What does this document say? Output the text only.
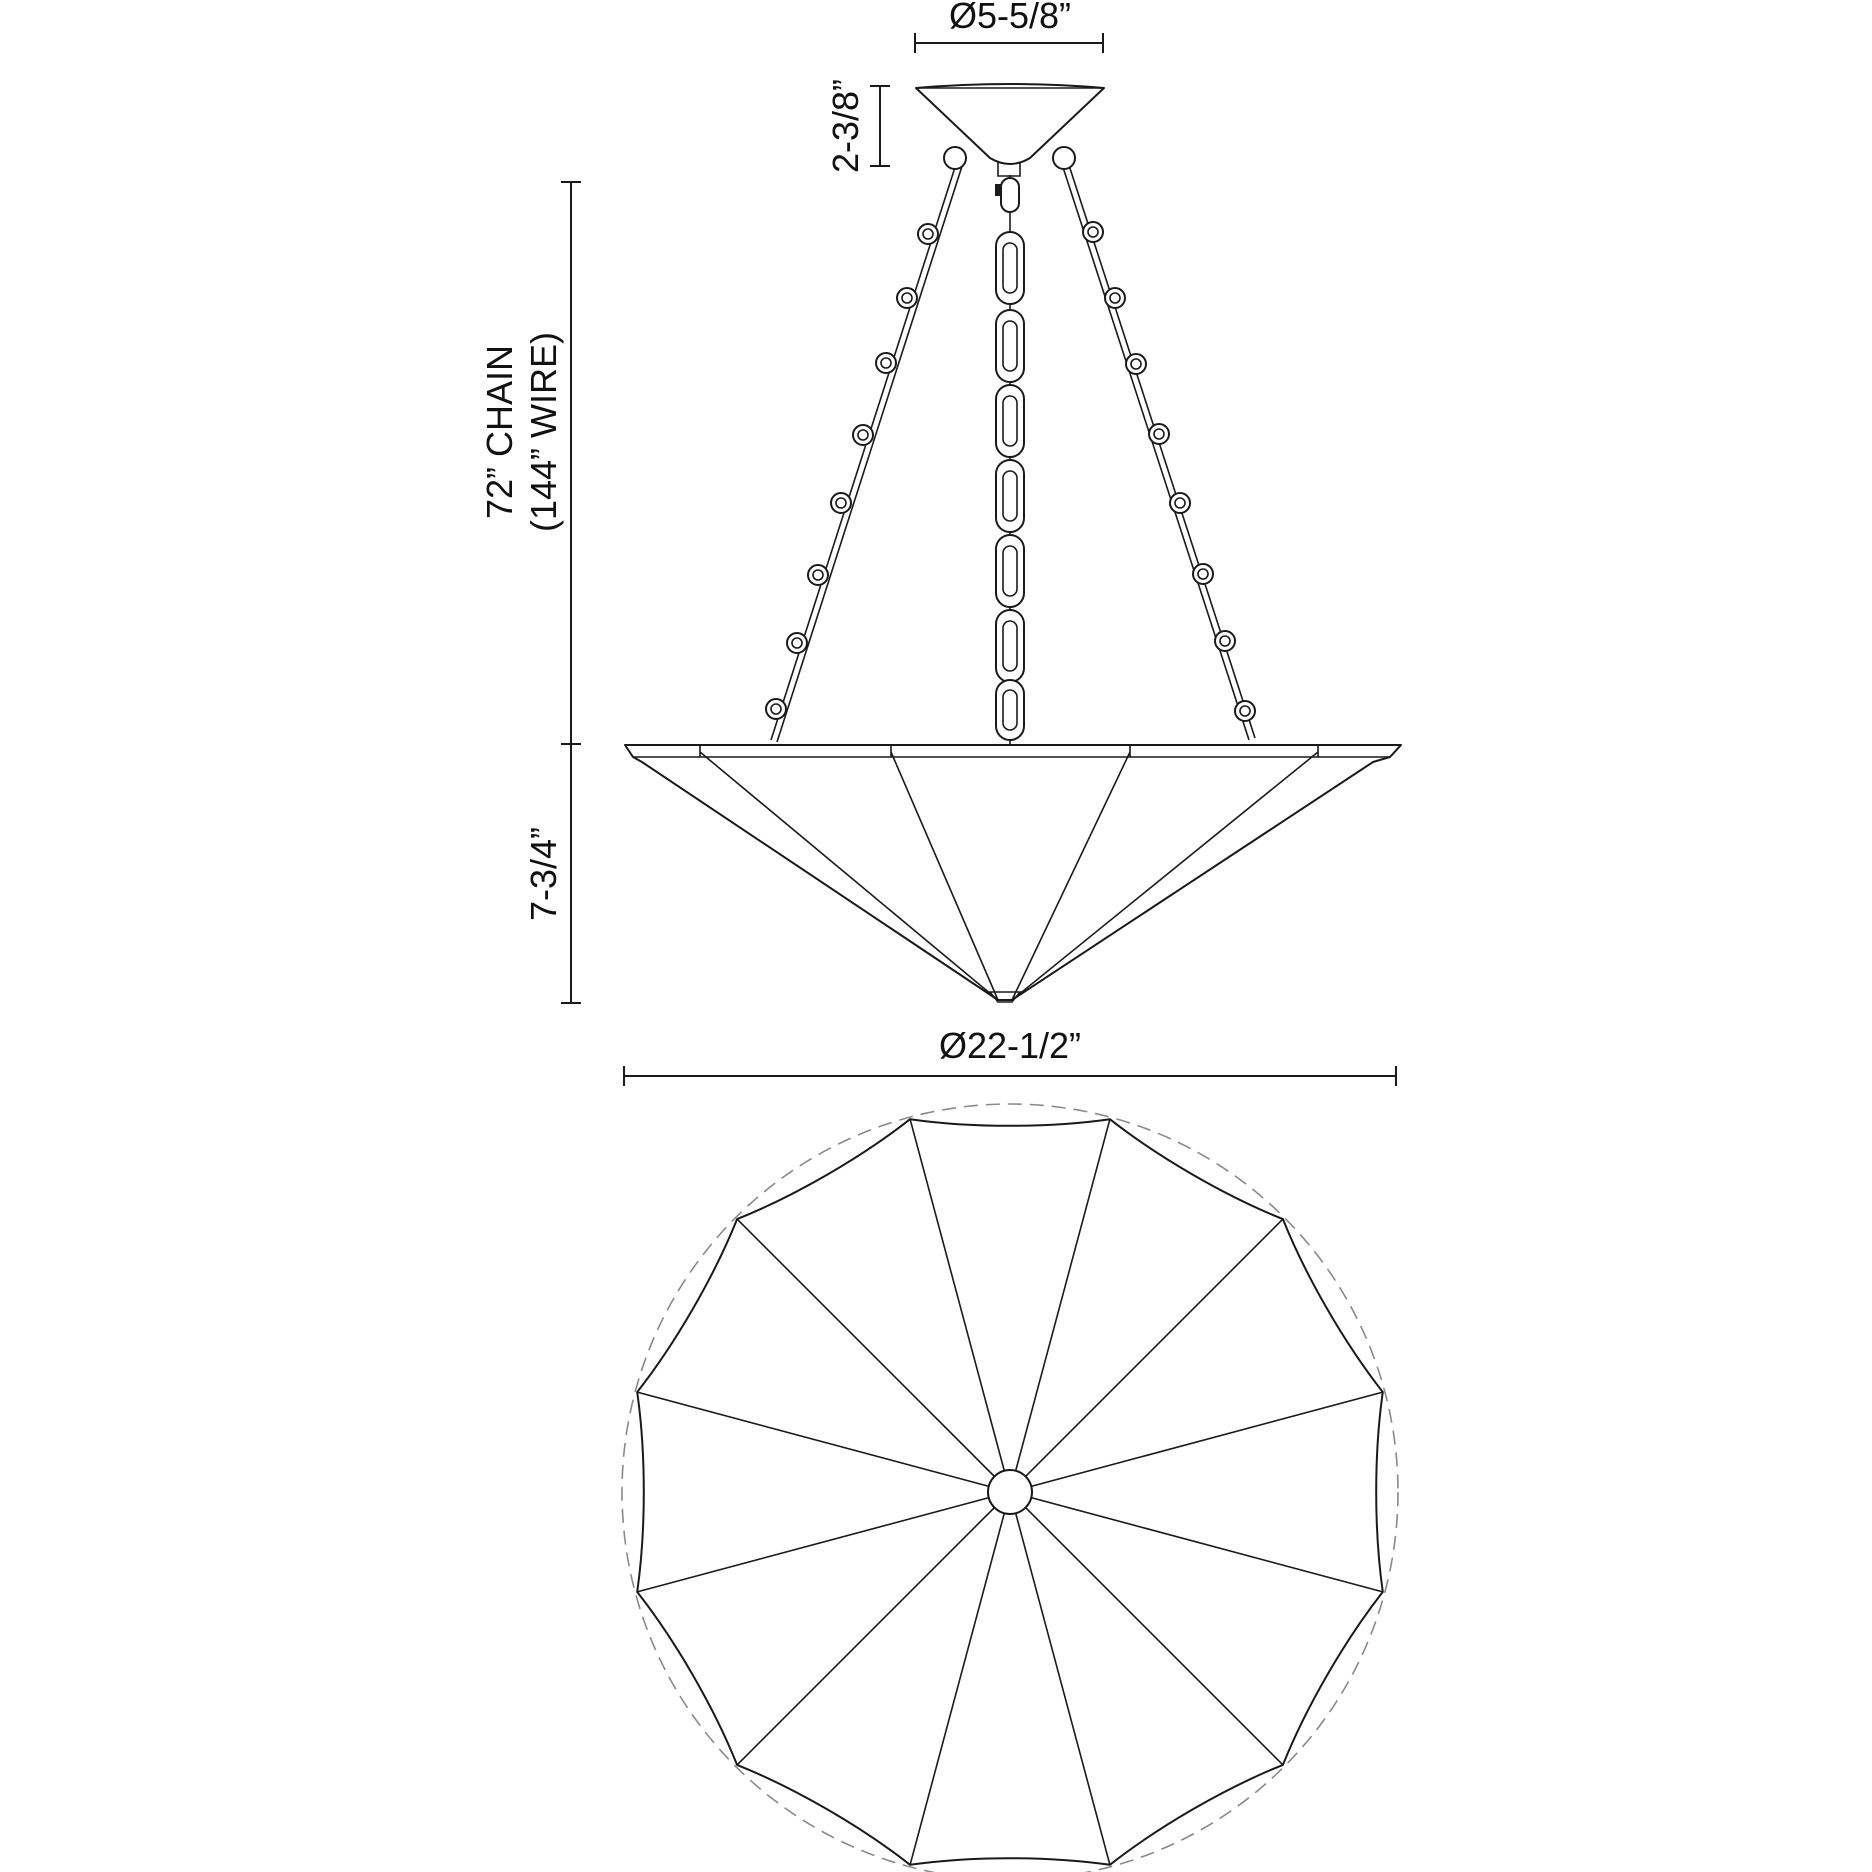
Ø5-5/8”
2-3/8”
72” CHAIN (144” WIRE)
7-3/4”
Ø22-1/2”
